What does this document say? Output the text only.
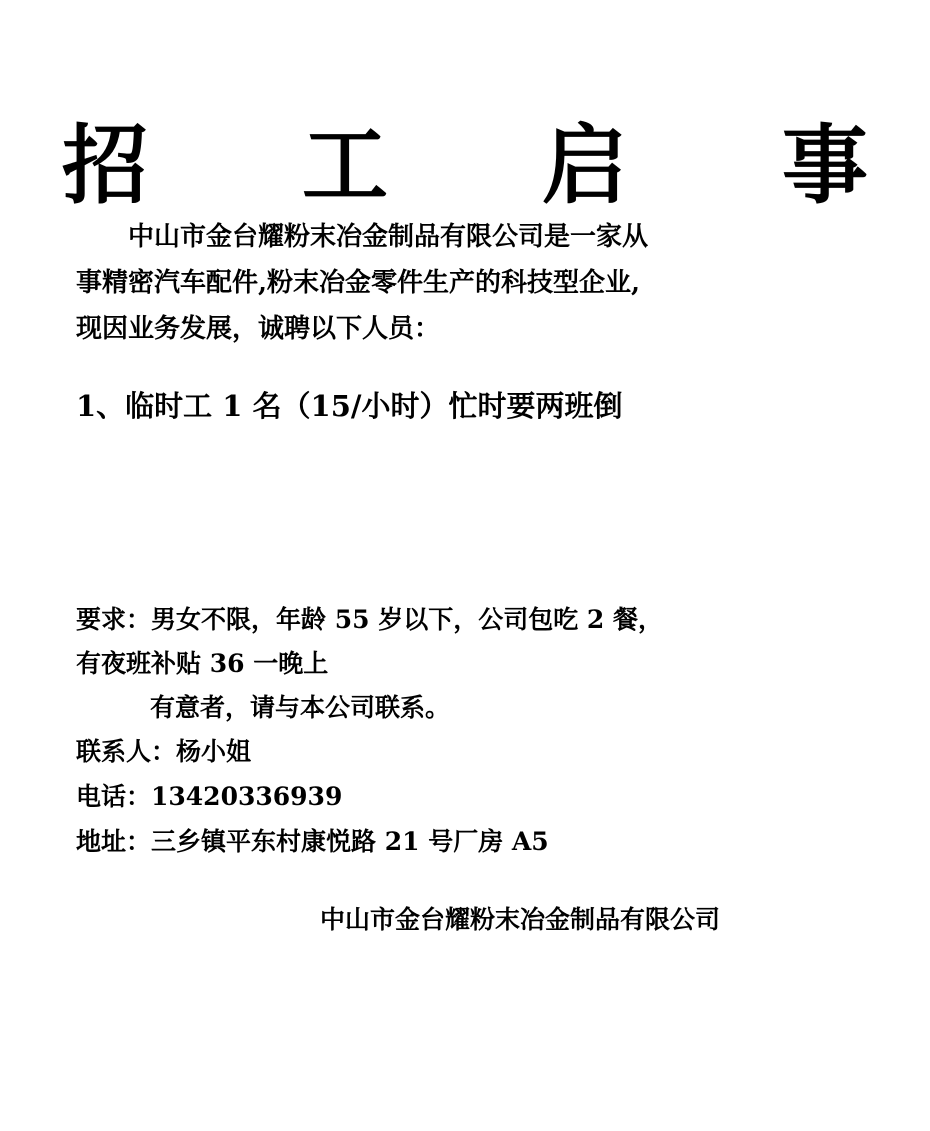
招 工 启 事

中山市金台耀粉末冶金制品有限公司是一家从
事精密汽车配件,粉末冶金零件生产的科技型企业,
现因业务发展，诚聘以下人员：

1、临时工 1 名（15/小时）忙时要两班倒

要求：男女不限，年龄 55 岁以下，公司包吃 2 餐，
有夜班补贴 36 一晚上
有意者，请与本公司联系。
联系人：杨小姐
电话：13420336939
地址：三乡镇平东村康悦路 21 号厂房 A5

中山市金台耀粉末冶金制品有限公司
